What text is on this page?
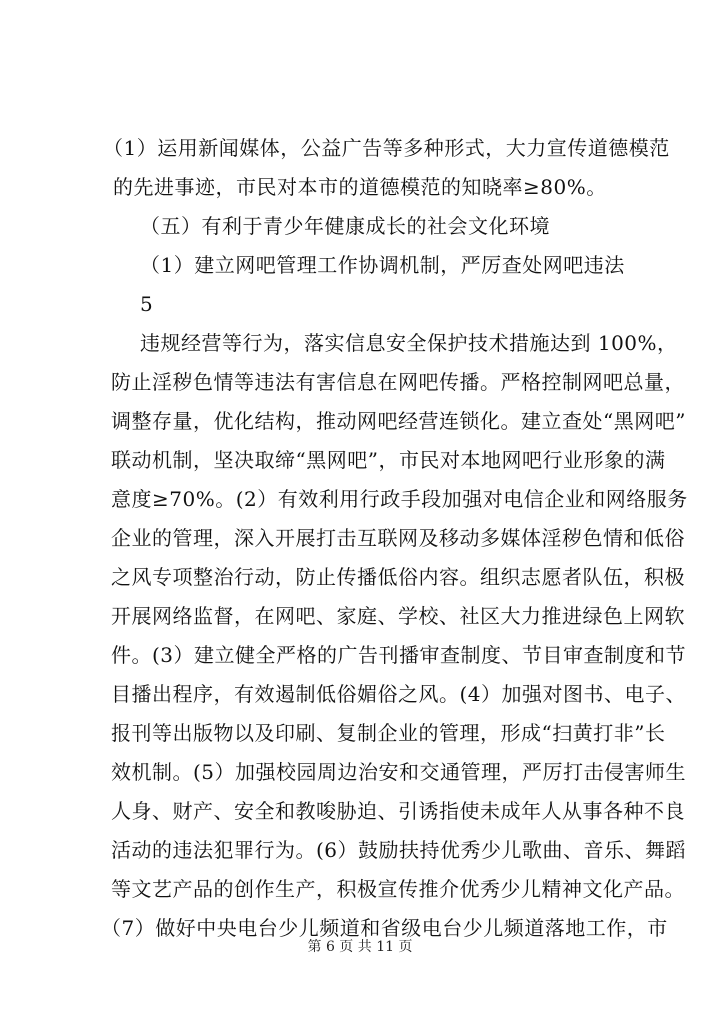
（1）运用新闻媒体，公益广告等多种形式，大力宣传道德模范
的先进事迹，市民对本市的道德模范的知晓率≥80%。
（五）有利于青少年健康成长的社会文化环境
（1）建立网吧管理工作协调机制，严厉查处网吧违法
5
违规经营等行为，落实信息安全保护技术措施达到 100%，
防止淫秽色情等违法有害信息在网吧传播。严格控制网吧总量，
调整存量，优化结构，推动网吧经营连锁化。建立查处“黑网吧”
联动机制，坚决取缔“黑网吧”，市民对本地网吧行业形象的满
意度≥70%。(2）有效利用行政手段加强对电信企业和网络服务
企业的管理，深入开展打击互联网及移动多媒体淫秽色情和低俗
之风专项整治行动，防止传播低俗内容。组织志愿者队伍，积极
开展网络监督，在网吧、家庭、学校、社区大力推进绿色上网软
件。(3）建立健全严格的广告刊播审查制度、节目审查制度和节
目播出程序，有效遏制低俗媚俗之风。(4）加强对图书、电子、
报刊等出版物以及印刷、复制企业的管理，形成“扫黄打非”长
效机制。(5）加强校园周边治安和交通管理，严厉打击侵害师生
人身、财产、安全和教唆胁迫、引诱指使未成年人从事各种不良
活动的违法犯罪行为。(6）鼓励扶持优秀少儿歌曲、音乐、舞蹈
等文艺产品的创作生产，积极宣传推介优秀少儿精神文化产品。
（7）做好中央电台少儿频道和省级电台少儿频道落地工作，市
第 6 页 共 11 页
